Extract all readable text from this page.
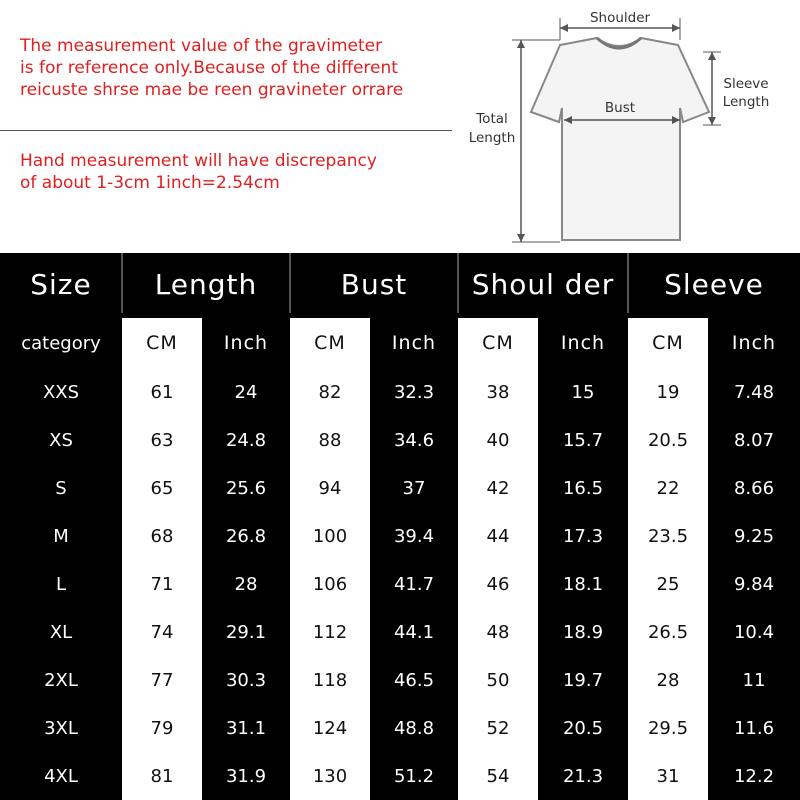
The measurement value of the gravimeter
is for reference only.Because of the different
reicuste shrse mae be reen gravineter orrare
Hand measurement will have discrepancy
of about 1-3cm 1inch=2.54cm
Shoulder
Sleeve
Length
Bust
Total
Length
Size	Length	Bust	Shoul der	Sleeve
category	CM	Inch	CM	Inch	CM	Inch	CM	Inch
XXS	61	24	82	32.3	38	15	19	7.48
XS	63	24.8	88	34.6	40	15.7	20.5	8.07
S	65	25.6	94	37	42	16.5	22	8.66
M	68	26.8	100	39.4	44	17.3	23.5	9.25
L	71	28	106	41.7	46	18.1	25	9.84
XL	74	29.1	112	44.1	48	18.9	26.5	10.4
2XL	77	30.3	118	46.5	50	19.7	28	11
3XL	79	31.1	124	48.8	52	20.5	29.5	11.6
4XL	81	31.9	130	51.2	54	21.3	31	12.2
